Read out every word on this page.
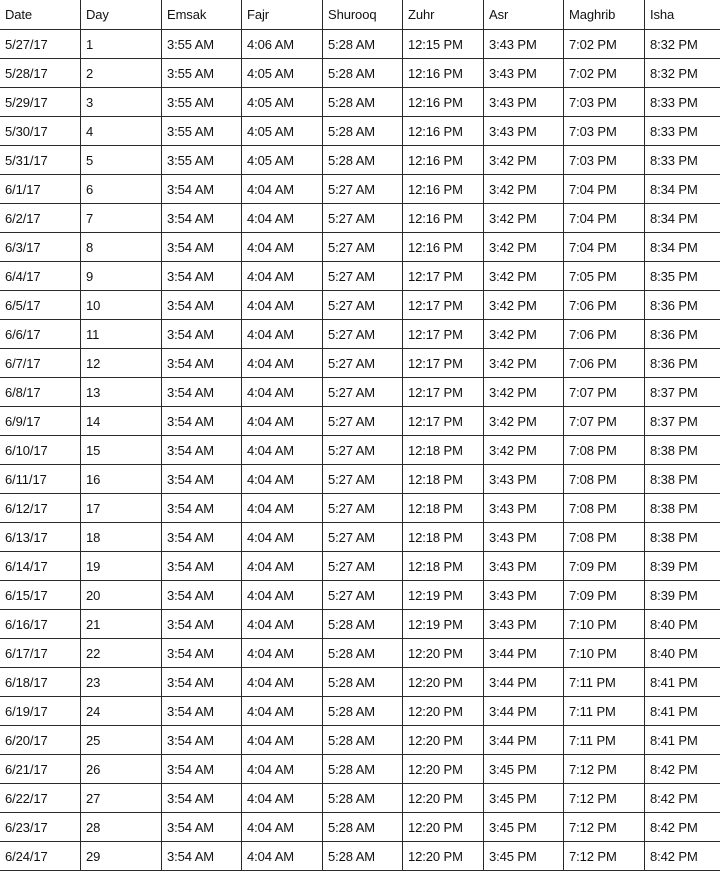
Date	Day	Emsak	Fajr	Shurooq	Zuhr	Asr	Maghrib	Isha
5/27/17	1	3:55 AM	4:06 AM	5:28 AM	12:15 PM	3:43 PM	7:02 PM	8:32 PM
5/28/17	2	3:55 AM	4:05 AM	5:28 AM	12:16 PM	3:43 PM	7:02 PM	8:32 PM
5/29/17	3	3:55 AM	4:05 AM	5:28 AM	12:16 PM	3:43 PM	7:03 PM	8:33 PM
5/30/17	4	3:55 AM	4:05 AM	5:28 AM	12:16 PM	3:43 PM	7:03 PM	8:33 PM
5/31/17	5	3:55 AM	4:05 AM	5:28 AM	12:16 PM	3:42 PM	7:03 PM	8:33 PM
6/1/17	6	3:54 AM	4:04 AM	5:27 AM	12:16 PM	3:42 PM	7:04 PM	8:34 PM
6/2/17	7	3:54 AM	4:04 AM	5:27 AM	12:16 PM	3:42 PM	7:04 PM	8:34 PM
6/3/17	8	3:54 AM	4:04 AM	5:27 AM	12:16 PM	3:42 PM	7:04 PM	8:34 PM
6/4/17	9	3:54 AM	4:04 AM	5:27 AM	12:17 PM	3:42 PM	7:05 PM	8:35 PM
6/5/17	10	3:54 AM	4:04 AM	5:27 AM	12:17 PM	3:42 PM	7:06 PM	8:36 PM
6/6/17	11	3:54 AM	4:04 AM	5:27 AM	12:17 PM	3:42 PM	7:06 PM	8:36 PM
6/7/17	12	3:54 AM	4:04 AM	5:27 AM	12:17 PM	3:42 PM	7:06 PM	8:36 PM
6/8/17	13	3:54 AM	4:04 AM	5:27 AM	12:17 PM	3:42 PM	7:07 PM	8:37 PM
6/9/17	14	3:54 AM	4:04 AM	5:27 AM	12:17 PM	3:42 PM	7:07 PM	8:37 PM
6/10/17	15	3:54 AM	4:04 AM	5:27 AM	12:18 PM	3:42 PM	7:08 PM	8:38 PM
6/11/17	16	3:54 AM	4:04 AM	5:27 AM	12:18 PM	3:43 PM	7:08 PM	8:38 PM
6/12/17	17	3:54 AM	4:04 AM	5:27 AM	12:18 PM	3:43 PM	7:08 PM	8:38 PM
6/13/17	18	3:54 AM	4:04 AM	5:27 AM	12:18 PM	3:43 PM	7:08 PM	8:38 PM
6/14/17	19	3:54 AM	4:04 AM	5:27 AM	12:18 PM	3:43 PM	7:09 PM	8:39 PM
6/15/17	20	3:54 AM	4:04 AM	5:27 AM	12:19 PM	3:43 PM	7:09 PM	8:39 PM
6/16/17	21	3:54 AM	4:04 AM	5:28 AM	12:19 PM	3:43 PM	7:10 PM	8:40 PM
6/17/17	22	3:54 AM	4:04 AM	5:28 AM	12:20 PM	3:44 PM	7:10 PM	8:40 PM
6/18/17	23	3:54 AM	4:04 AM	5:28 AM	12:20 PM	3:44 PM	7:11 PM	8:41 PM
6/19/17	24	3:54 AM	4:04 AM	5:28 AM	12:20 PM	3:44 PM	7:11 PM	8:41 PM
6/20/17	25	3:54 AM	4:04 AM	5:28 AM	12:20 PM	3:44 PM	7:11 PM	8:41 PM
6/21/17	26	3:54 AM	4:04 AM	5:28 AM	12:20 PM	3:45 PM	7:12 PM	8:42 PM
6/22/17	27	3:54 AM	4:04 AM	5:28 AM	12:20 PM	3:45 PM	7:12 PM	8:42 PM
6/23/17	28	3:54 AM	4:04 AM	5:28 AM	12:20 PM	3:45 PM	7:12 PM	8:42 PM
6/24/17	29	3:54 AM	4:04 AM	5:28 AM	12:20 PM	3:45 PM	7:12 PM	8:42 PM
